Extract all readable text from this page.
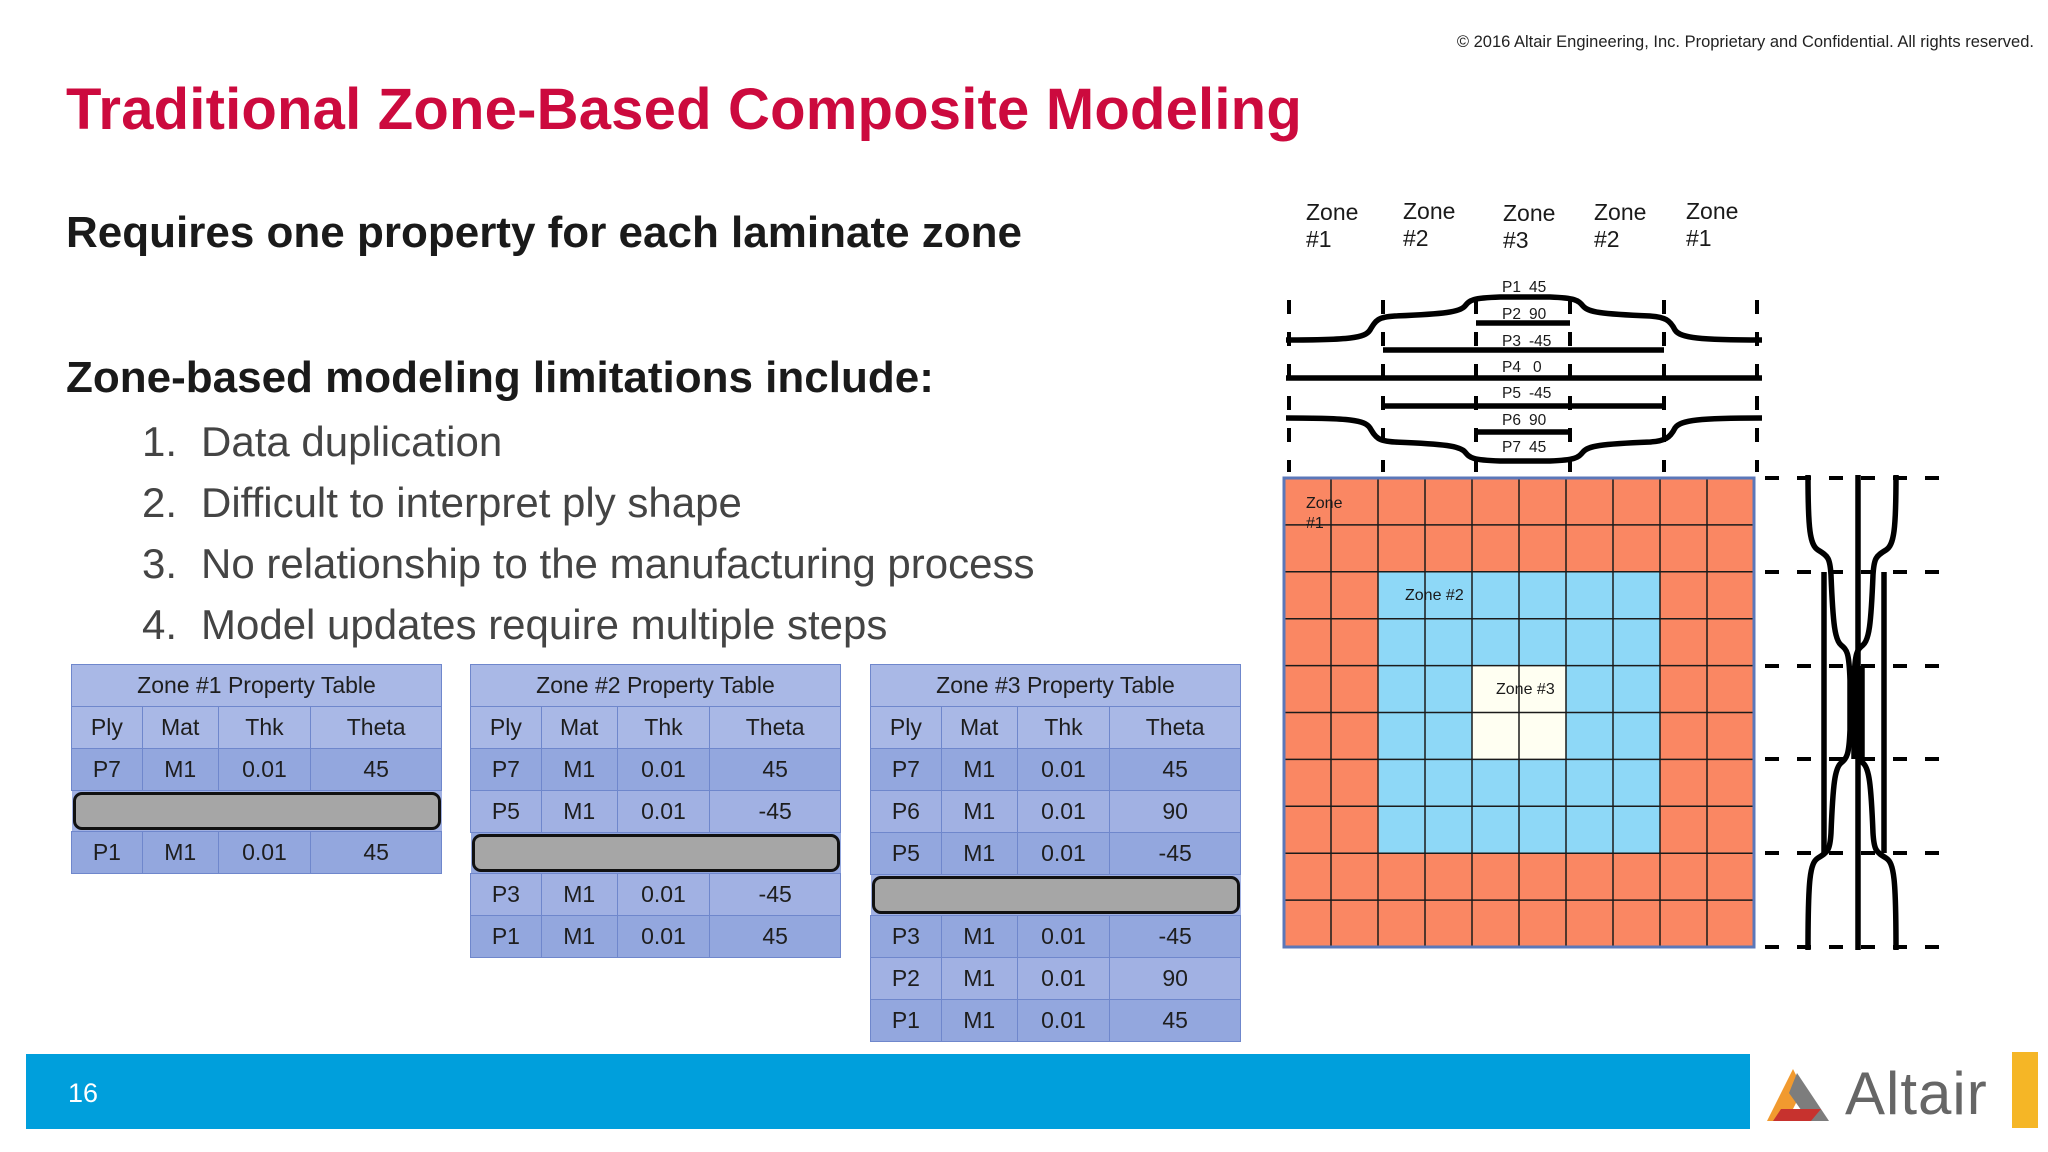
© 2016 Altair Engineering, Inc. Proprietary and Confidential. All rights reserved.
Traditional Zone-Based Composite Modeling
Requires one property for each laminate zone
Zone-based modeling limitations include:
1. Data duplication
2. Difficult to interpret ply shape
3. No relationship to the manufacturing process
4. Model updates require multiple steps
Zone #1 Property Table			
Ply	Mat	Thk	Theta
P7	M1	0.01	45

P1	M1	0.01	45
Zone #2 Property Table			
Ply	Mat	Thk	Theta
P7	M1	0.01	45
P5	M1	0.01	-45

P3	M1	0.01	-45
P1	M1	0.01	45
Zone #3 Property Table			
Ply	Mat	Thk	Theta
P7	M1	0.01	45
P6	M1	0.01	90
P5	M1	0.01	-45

P3	M1	0.01	-45
P2	M1	0.01	90
P1	M1	0.01	45
Zone
#1
Zone
#2
Zone
#3
Zone
#2
Zone
#1
P1 45
P2 90
P3 -45
P4 0
P5 -45
P6 90
P7 45
Zone
#1
Zone #2
Zone #3
16	Altair
